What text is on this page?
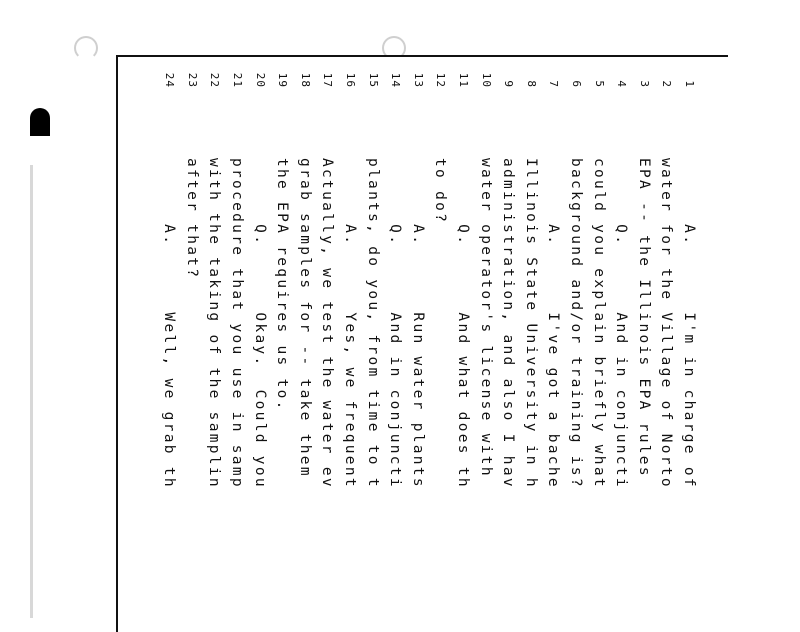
1
A.      I'm in charge of
2
water for the Village of Norto
3
EPA -- the Illinois EPA rules
4
Q.      And in conjuncti
5
could you explain briefly what
6
background and/or training is?
7
A.      I've got a bache
8
Illinois State University in h
9
administration, and also I hav
10
water operator's license with
11
Q.      And what does th
12
to do?
13
A.      Run water plants
14
Q.      And in conjuncti
15
plants, do you, from time to t
16
A.      Yes, we frequent
17
Actually, we test the water ev
18
grab samples for -- take them
19
the EPA requires us to.
20
Q.      Okay.  Could you
21
procedure that you use in samp
22
with the taking of the samplin
23
after that?
24
A.      Well, we grab th
